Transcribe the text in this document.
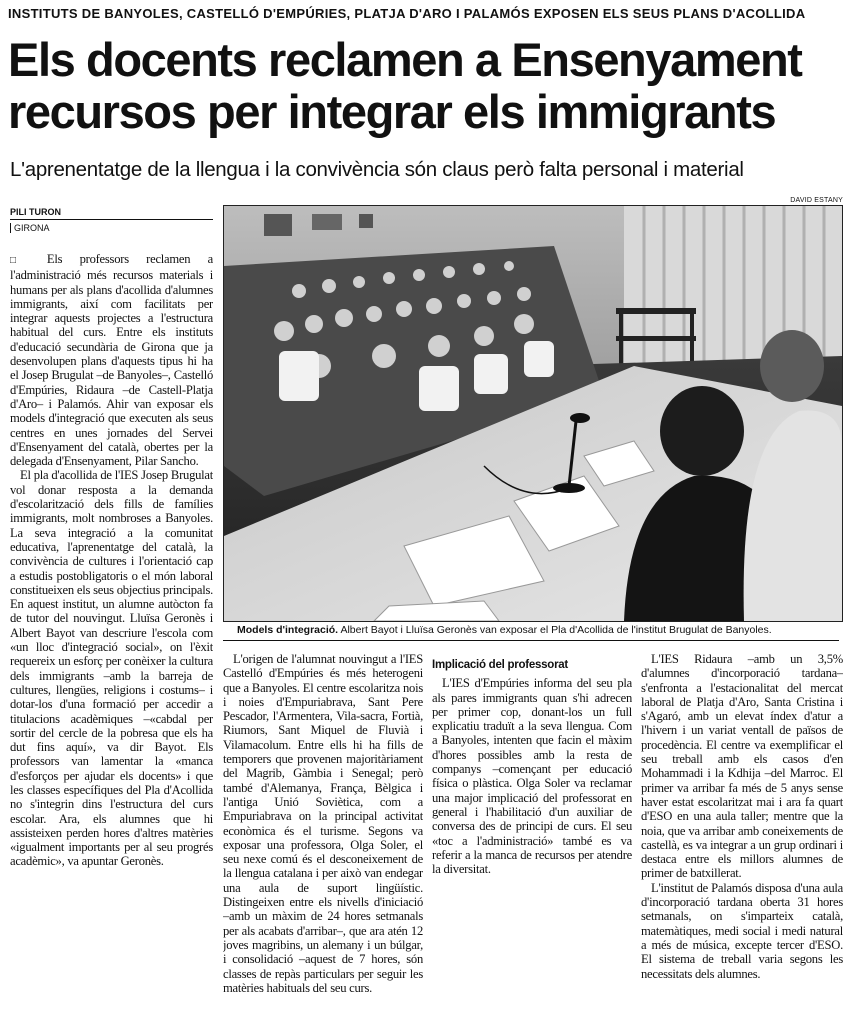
INSTITUTS DE BANYOLES, CASTELLÓ D'EMPÚRIES, PLATJA D'ARO I PALAMÓS EXPOSEN ELS SEUS PLANS D'ACOLLIDA
Els docents reclamen a Ensenyament recursos per integrar els immigrants
L'aprenentatge de la llengua i la convivència són claus però falta personal i material
DAVID ESTANY
PILI TURON
GIRONA
Models d'integració. Albert Bayot i Lluïsa Geronès van exposar el Pla d'Acollida de l'institut Brugulat de Banyoles.

□ Els professors reclamen a l'administració més recursos materials i humans per als plans d'acollida d'alumnes immigrants, així com facilitats per integrar aquests projectes a l'estructura habitual del curs. Entre els instituts d'educació secundària de Girona que ja desenvolupen plans d'aquests tipus hi ha el Josep Brugulat –de Banyoles–, Castelló d'Empúries, Ridaura –de Castell-Platja d'Aro– i Palamós. Ahir van exposar els models d'integració que executen als seus centres en unes jornades del Servei d'Ensenyament del català, obertes per la delegada d'Ensenyament, Pilar Sancho.

El pla d'acollida de l'IES Josep Brugulat vol donar resposta a la demanda d'escolarització dels fills de famílies immigrants, molt nombroses a Banyoles. La seva integració a la comunitat educativa, l'aprenentatge del català, la convivència de cultures i l'orientació cap a estudis postobligatoris o el món laboral constitueixen els seus objectius principals. En aquest institut, un alumne autòcton fa de tutor del nouvingut. Lluïsa Geronès i Albert Bayot van descriure l'escola com «un lloc d'integració social», on l'èxit requereix un esforç per conèixer la cultura dels immigrants –amb la barreja de cultures, llengües, religions i costums– i dotar-los d'una formació per accedir a titulacions acadèmiques –«cabdal per sortir del cercle de la pobresa que els ha dut fins aquí», va dir Bayot. Els professors van lamentar la «manca d'esforços per ajudar els docents» i que les classes específiques del Pla d'Acollida no s'integrin dins l'estructura del curs escolar. Ara, els alumnes que hi assisteixen perden hores d'altres matèries «igualment importants per al seu progrés acadèmic», va apuntar Geronès.

L'origen de l'alumnat nouvingut a l'IES Castelló d'Empúries és més heterogeni que a Banyoles. El centre escolaritza nois i noies d'Empuriabrava, Sant Pere Pescador, l'Armentera, Vila-sacra, Fortià, Riumors, Sant Miquel de Fluvià i Vilamacolum. Entre ells hi ha fills de temporers que provenen majoritàriament del Magrib, Gàmbia i Senegal; però també d'Alemanya, França, Bèlgica i l'antiga Unió Soviètica, com a Empuriabrava on la principal activitat econòmica és el turisme. Segons va exposar una professora, Olga Soler, el seu nexe comú és el desconeixement de la llengua catalana i per això van endegar una aula de suport lingüístic. Distingeixen entre els nivells d'iniciació –amb un màxim de 24 hores setmanals per als acabats d'arribar–, que ara atén 12 joves magribins, un alemany i un búlgar, i consolidació –aquest de 7 hores, són classes de repàs particulars per seguir les matèries habituals del seu curs.

Implicació del professorat

L'IES d'Empúries informa del seu pla als pares immigrants quan s'hi adrecen per primer cop, donant-los un full explicatiu traduït a la seva llengua. Com a Banyoles, intenten que facin el màxim d'hores possibles amb la resta de companys –començant per educació física o plàstica. Olga Soler va reclamar una major implicació del professorat en general i l'habilitació d'un auxiliar de conversa des de principi de curs. El seu «toc a l'administració» també es va referir a la manca de recursos per atendre la diversitat.

L'IES Ridaura –amb un 3,5% d'alumnes d'incorporació tardana– s'enfronta a l'estacionalitat del mercat laboral de Platja d'Aro, Santa Cristina i s'Agaró, amb un elevat índex d'atur a l'hivern i un variat ventall de països de procedència. El centre va exemplificar el seu treball amb els casos d'en Mohammadi i la Kdhija –del Marroc. El primer va arribar fa més de 5 anys sense haver estat escolaritzat mai i ara fa quart d'ESO en una aula taller; mentre que la noia, que va arribar amb coneixements de castellà, es va integrar a un grup ordinari i destaca entre els millors alumnes de primer de batxillerat.

L'institut de Palamós disposa d'una aula d'incorporació tardana oberta 31 hores setmanals, on s'imparteix català, matemàtiques, medi social i medi natural a més de música, excepte tercer d'ESO. El sistema de treball varia segons les necessitats dels alumnes.
